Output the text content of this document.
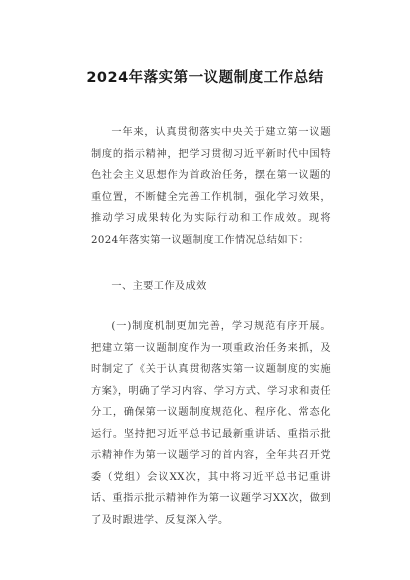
2024年落实第一议题制度工作总结

一年来，认真贯彻落实中央关于建立第一议题制度的指示精神，把学习贯彻习近平新时代中国特色社会主义思想作为首政治任务，摆在第一议题的重位置，不断健全完善工作机制，强化学习效果，推动学习成果转化为实际行动和工作成效。现将2024年落实第一议题制度工作情况总结如下：

一、主要工作及成效

(一)制度机制更加完善，学习规范有序开展。把建立第一议题制度作为一项重政治任务来抓，及时制定了《关于认真贯彻落实第一议题制度的实施方案》，明确了学习内容、学习方式、学习求和责任分工，确保第一议题制度规范化、程序化、常态化运行。坚持把习近平总书记最新重讲话、重指示批示精神作为第一议题学习的首内容，全年共召开党委（党组）会议XX次，其中将习近平总书记重讲话、重指示批示精神作为第一议题学习XX次，做到了及时跟进学、反复深入学。
